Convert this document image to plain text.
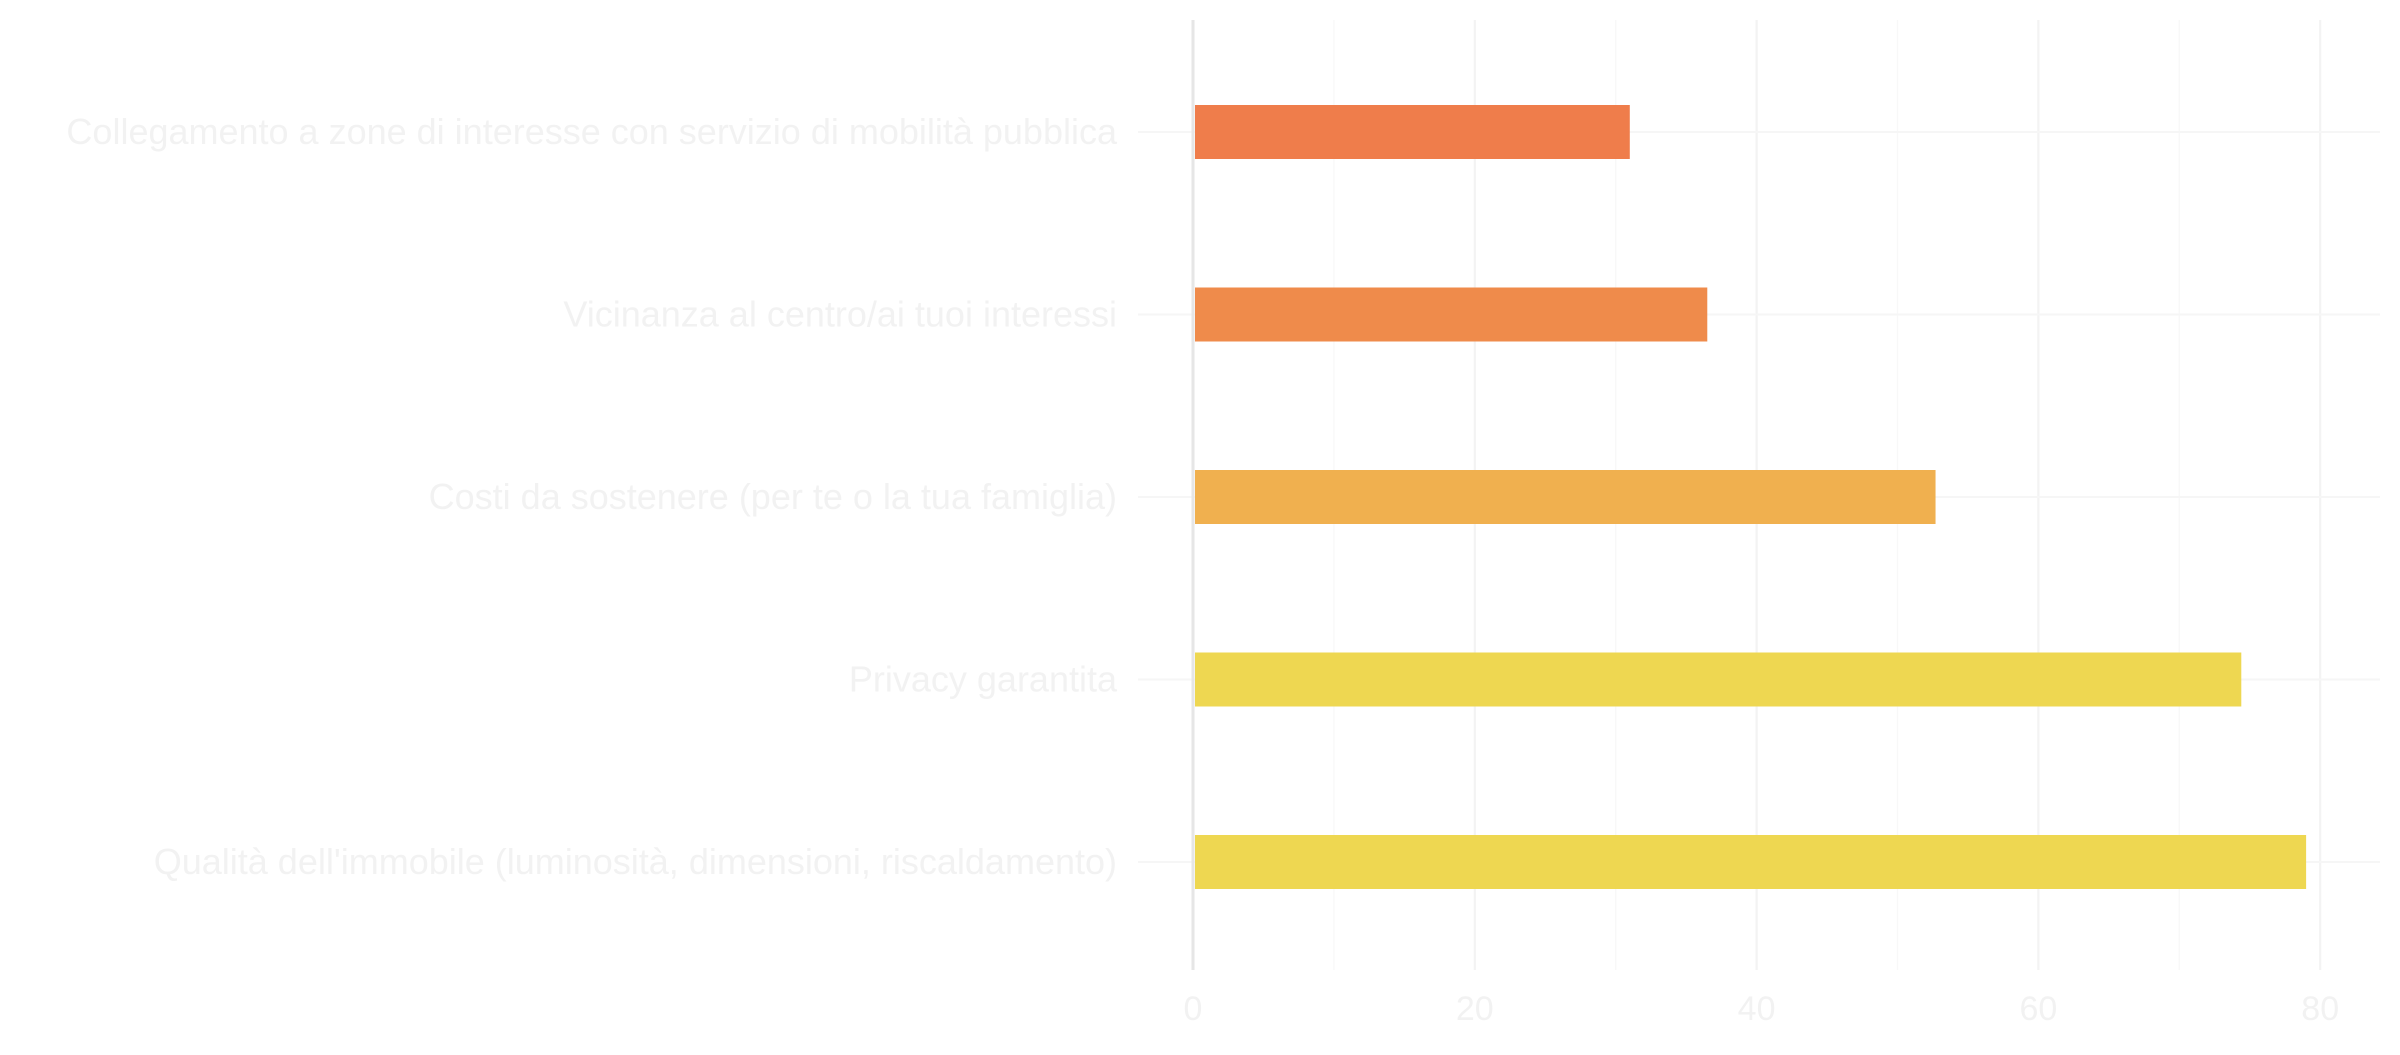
Collegamento a zone di interesse con servizio di mobilità pubblica
Vicinanza al centro/ai tuoi interessi
Costi da sostenere (per te o la tua famiglia)
Privacy garantita
Qualità dell'immobile (luminosità, dimensioni, riscaldamento)
0	20	40	60	80
